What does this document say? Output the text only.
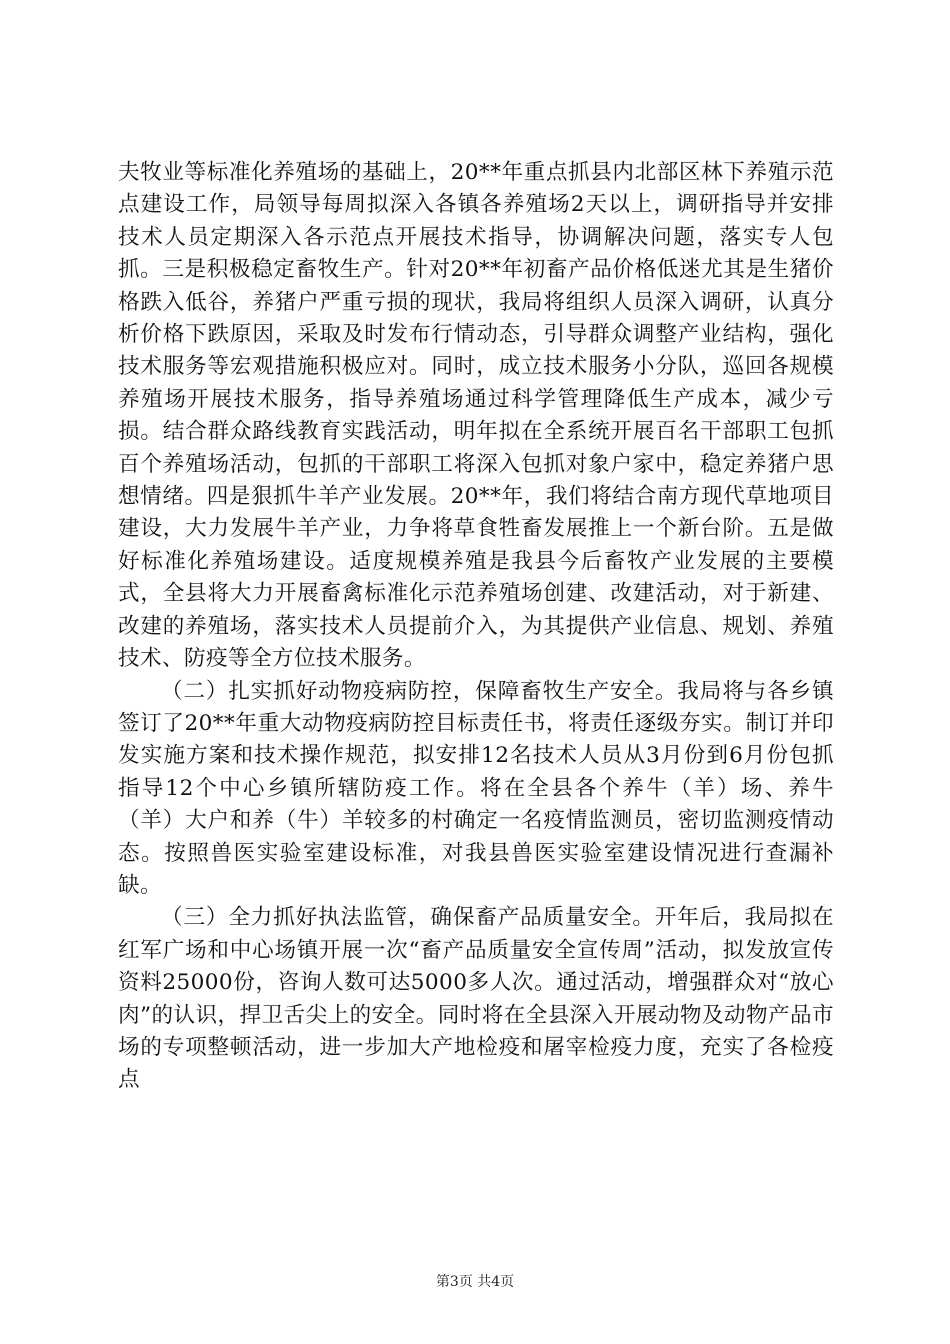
夫牧业等标准化养殖场的基础上，20**年重点抓县内北部区林下养殖示范点建设工作，局领导每周拟深入各镇各养殖场2天以上，调研指导并安排技术人员定期深入各示范点开展技术指导，协调解决问题，落实专人包抓。三是积极稳定畜牧生产。针对20**年初畜产品价格低迷尤其是生猪价格跌入低谷，养猪户严重亏损的现状，我局将组织人员深入调研，认真分析价格下跌原因，采取及时发布行情动态，引导群众调整产业结构，强化技术服务等宏观措施积极应对。同时，成立技术服务小分队，巡回各规模养殖场开展技术服务，指导养殖场通过科学管理降低生产成本，减少亏损。结合群众路线教育实践活动，明年拟在全系统开展百名干部职工包抓百个养殖场活动，包抓的干部职工将深入包抓对象户家中，稳定养猪户思想情绪。四是狠抓牛羊产业发展。20**年，我们将结合南方现代草地项目建设，大力发展牛羊产业，力争将草食牲畜发展推上一个新台阶。五是做好标准化养殖场建设。适度规模养殖是我县今后畜牧产业发展的主要模式，全县将大力开展畜禽标准化示范养殖场创建、改建活动，对于新建、改建的养殖场，落实技术人员提前介入，为其提供产业信息、规划、养殖技术、防疫等全方位技术服务。

（二）扎实抓好动物疫病防控，保障畜牧生产安全。我局将与各乡镇签订了20**年重大动物疫病防控目标责任书，将责任逐级夯实。制订并印发实施方案和技术操作规范，拟安排12名技术人员从3月份到6月份包抓指导12个中心乡镇所辖防疫工作。将在全县各个养牛（羊）场、养牛（羊）大户和养（牛）羊较多的村确定一名疫情监测员，密切监测疫情动态。按照兽医实验室建设标准，对我县兽医实验室建设情况进行查漏补缺。

（三）全力抓好执法监管，确保畜产品质量安全。开年后，我局拟在红军广场和中心场镇开展一次“畜产品质量安全宣传周”活动，拟发放宣传资料25000份，咨询人数可达5000多人次。通过活动，增强群众对“放心肉”的认识，捍卫舌尖上的安全。同时将在全县深入开展动物及动物产品市场的专项整顿活动，进一步加大产地检疫和屠宰检疫力度，充实了各检疫点

第3页 共4页
